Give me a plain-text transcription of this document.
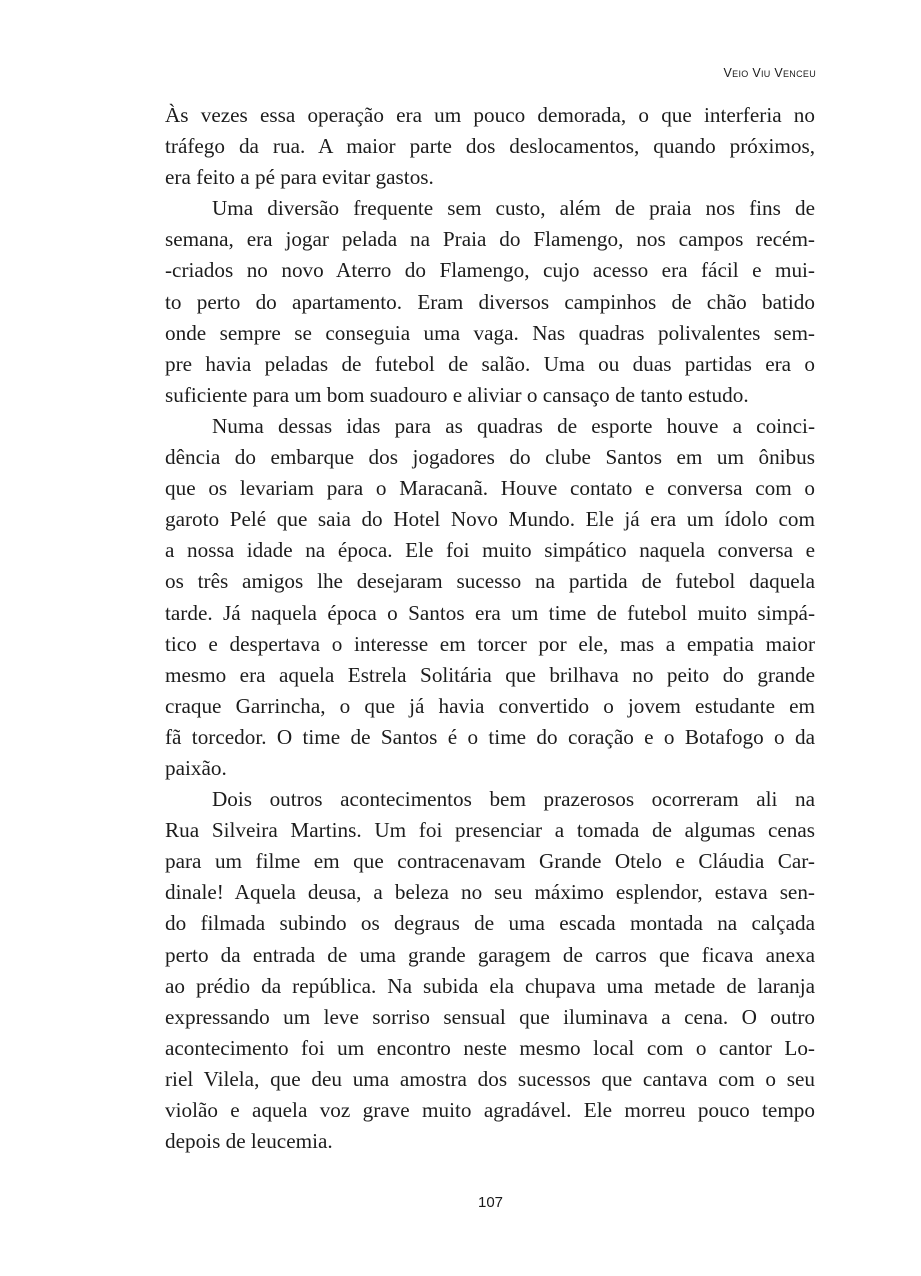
Veio Viu Venceu
Às vezes essa operação era um pouco demorada, o que interferia no
tráfego da rua. A maior parte dos deslocamentos, quando próximos,
era feito a pé para evitar gastos.
Uma diversão frequente sem custo, além de praia nos fins de
semana, era jogar pelada na Praia do Flamengo, nos campos recém-
-criados no novo Aterro do Flamengo, cujo acesso era fácil e mui-
to perto do apartamento. Eram diversos campinhos de chão batido
onde sempre se conseguia uma vaga. Nas quadras polivalentes sem-
pre havia peladas de futebol de salão. Uma ou duas partidas era o
suficiente para um bom suadouro e aliviar o cansaço de tanto estudo.
Numa dessas idas para as quadras de esporte houve a coinci-
dência do embarque dos jogadores do clube Santos em um ônibus
que os levariam para o Maracanã. Houve contato e conversa com o
garoto Pelé que saia do Hotel Novo Mundo. Ele já era um ídolo com
a nossa idade na época. Ele foi muito simpático naquela conversa e
os três amigos lhe desejaram sucesso na partida de futebol daquela
tarde. Já naquela época o Santos era um time de futebol muito simpá-
tico e despertava o interesse em torcer por ele, mas a empatia maior
mesmo era aquela Estrela Solitária que brilhava no peito do grande
craque Garrincha, o que já havia convertido o jovem estudante em
fã torcedor. O time de Santos é o time do coração e o Botafogo o da
paixão.
Dois outros acontecimentos bem prazerosos ocorreram ali na
Rua Silveira Martins. Um foi presenciar a tomada de algumas cenas
para um filme em que contracenavam Grande Otelo e Cláudia Car-
dinale! Aquela deusa, a beleza no seu máximo esplendor, estava sen-
do filmada subindo os degraus de uma escada montada na calçada
perto da entrada de uma grande garagem de carros que ficava anexa
ao prédio da república. Na subida ela chupava uma metade de laranja
expressando um leve sorriso sensual que iluminava a cena. O outro
acontecimento foi um encontro neste mesmo local com o cantor Lo-
riel Vilela, que deu uma amostra dos sucessos que cantava com o seu
violão e aquela voz grave muito agradável. Ele morreu pouco tempo
depois de leucemia.
107
